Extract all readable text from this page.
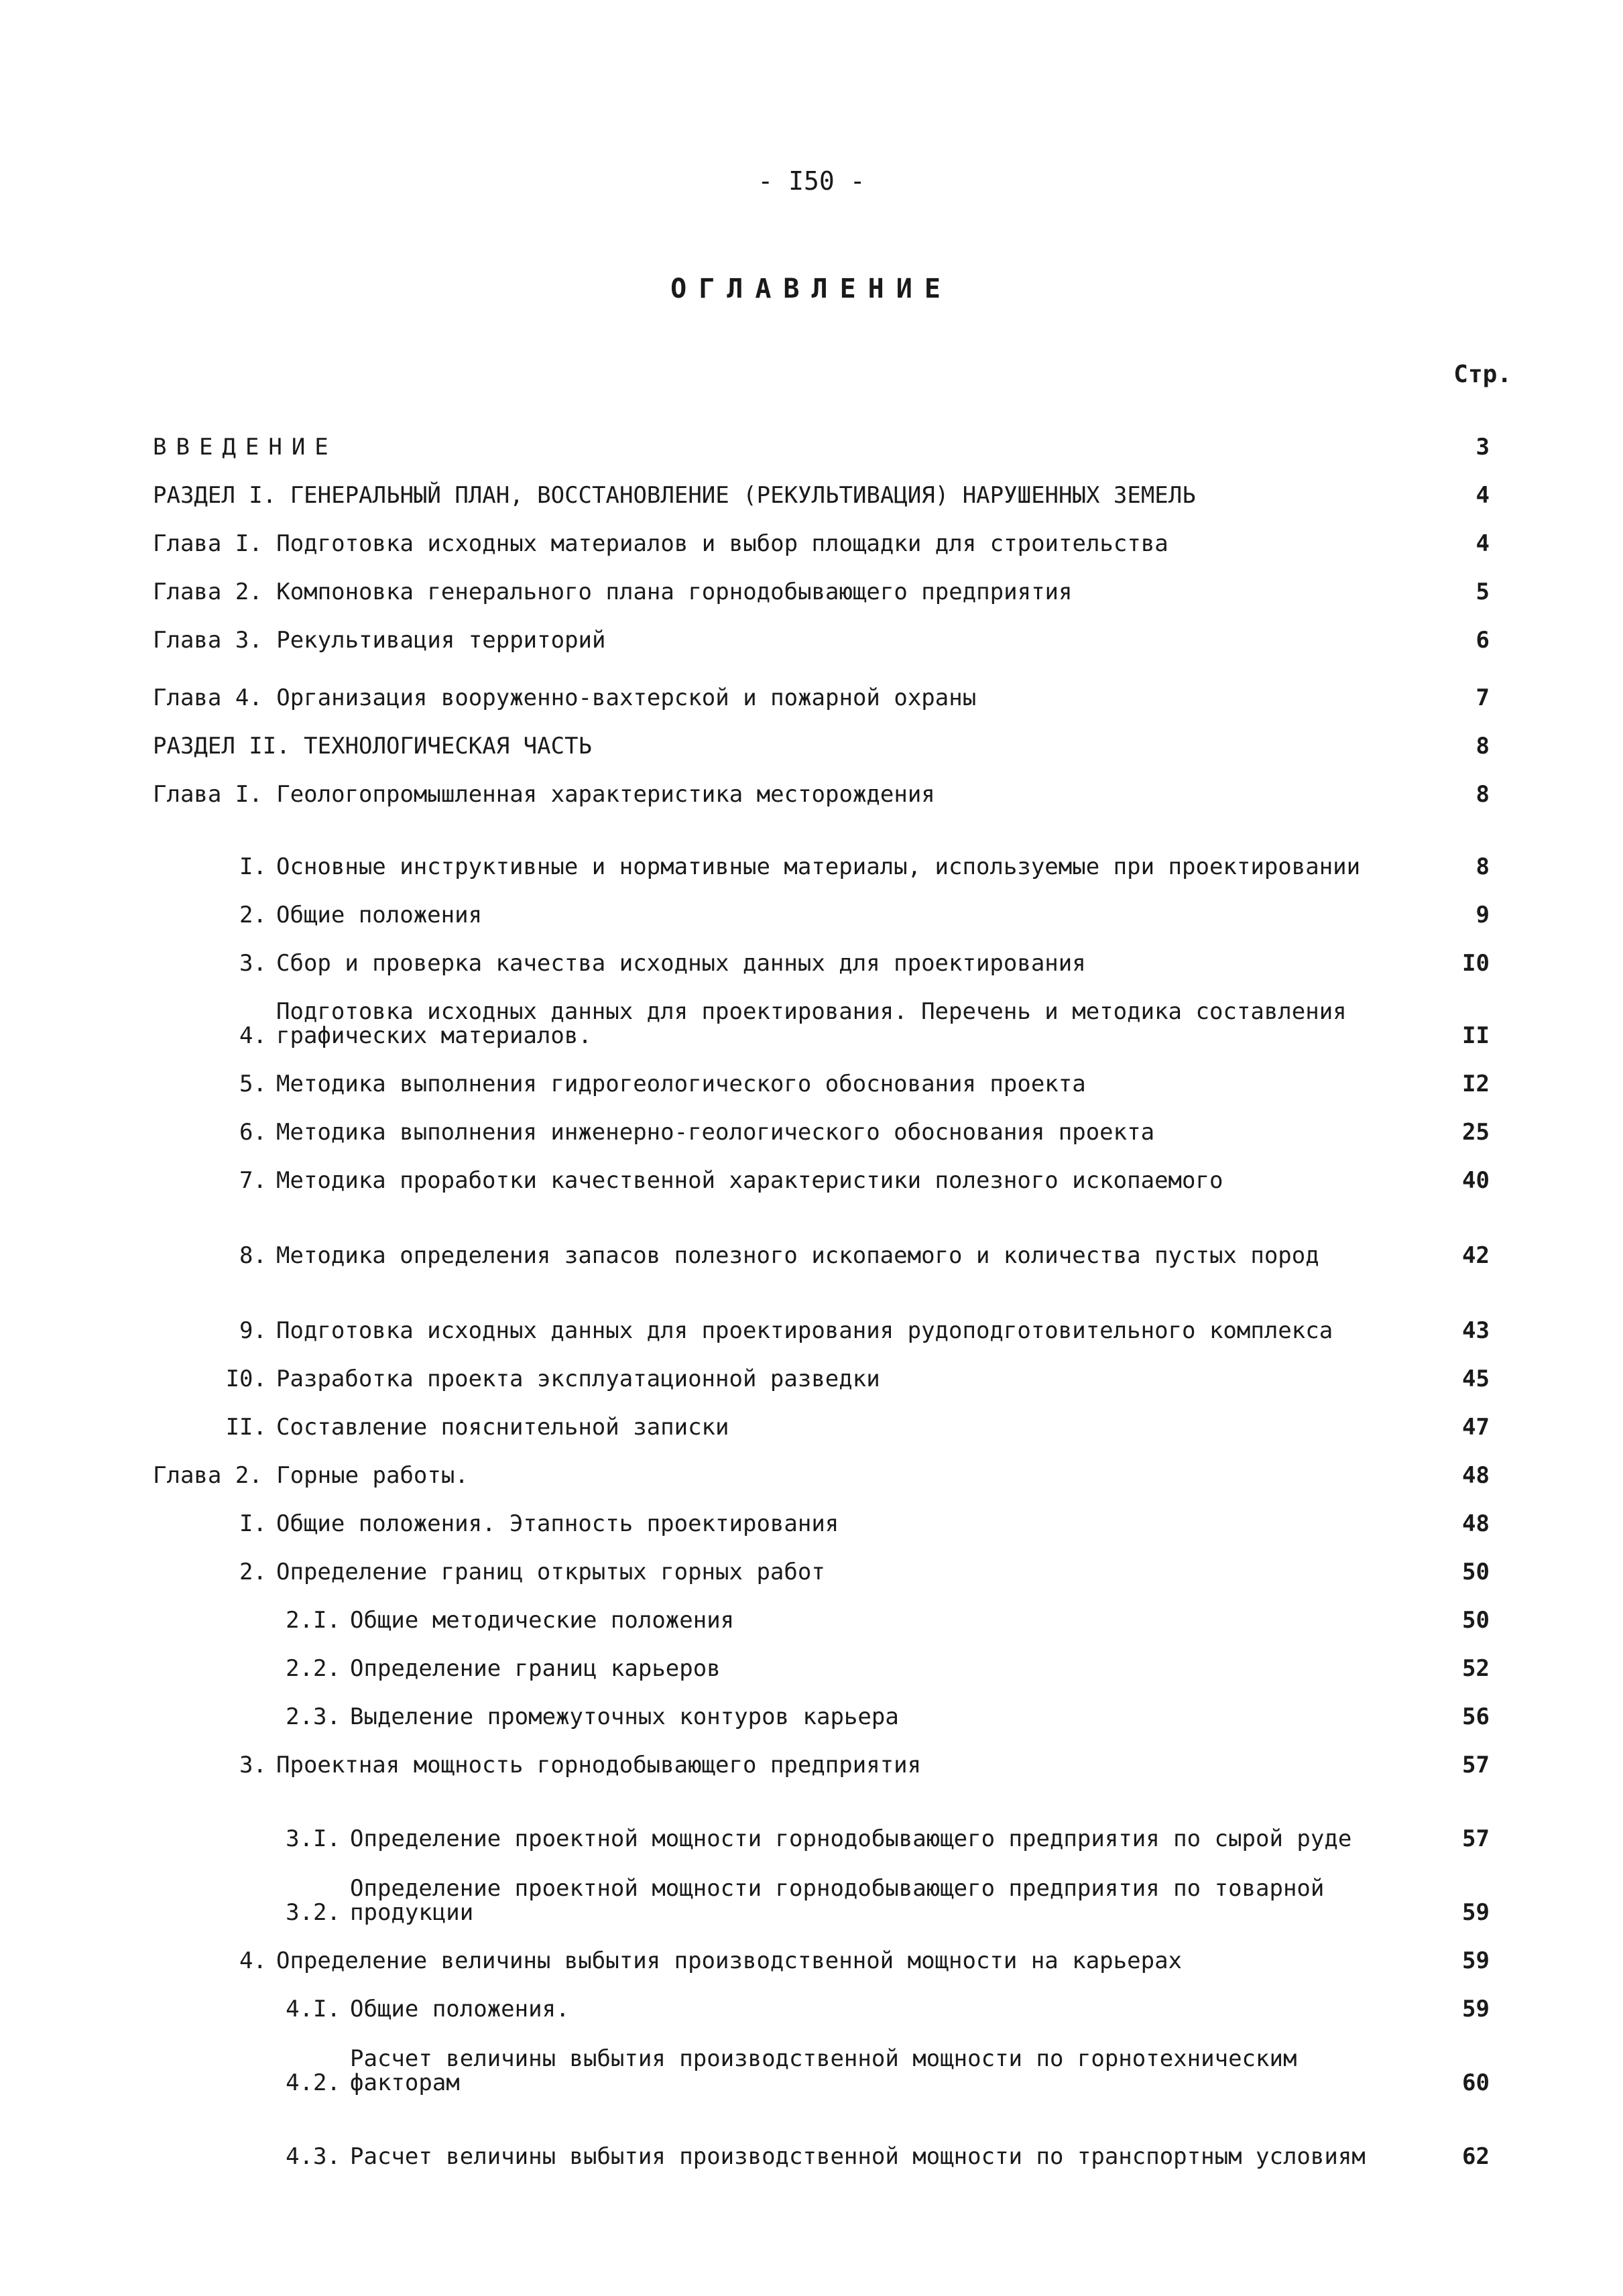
- I50 -
ОГЛАВЛЕНИЕ
Стр.
ВВЕДЕНИЕ	3
РАЗДЕЛ I. ГЕНЕРАЛЬНЫЙ ПЛАН, ВОССТАНОВЛЕНИЕ (РЕКУЛЬТИВАЦИЯ) НАРУШЕННЫХ ЗЕМЕЛЬ	4
Глава I. Подготовка исходных материалов и выбор площадки для строительства	4
Глава 2. Компоновка генерального плана горнодобывающего предприятия	5
Глава 3. Рекультивация территорий	6
Глава 4. Организация вооруженно-вахтерской и пожарной охраны	7
РАЗДЕЛ II. ТЕХНОЛОГИЧЕСКАЯ ЧАСТЬ	8
Глава I. Геологопромышленная характеристика месторождения	8
I. Основные инструктивные и нормативные материалы, используемые при проектировании	8
2. Общие положения	9
3. Сбор и проверка качества исходных данных для проектирования	I0
4.
Подготовка исходных данных для проектирования. Перечень и методика составления графических материалов.	II
5. Методика выполнения гидрогеологического обоснования проекта	I2
6. Методика выполнения инженерно-геологического обоснования проекта	25
7. Методика проработки качественной характеристики полезного ископаемого	40
8. Методика определения запасов полезного ископаемого и количества пустых пород	42
9. Подготовка исходных данных для проектирования рудоподготовительного комплекса	43
I0. Разработка проекта эксплуатационной разведки	45
II. Составление пояснительной записки	47
Глава 2. Горные работы.	48
I. Общие положения. Этапность проектирования	48
2. Определение границ открытых горных работ	50
2.I. Общие методические положения	50
2.2. Определение границ карьеров	52
2.3. Выделение промежуточных контуров карьера	56
3. Проектная мощность горнодобывающего предприятия	57
3.I. Определение проектной мощности горнодобывающего предприятия по сырой руде	57
3.2.
Определение проектной мощности горнодобывающего предприятия по товарной продукции	59
4. Определение величины выбытия производственной мощности на карьерах	59
4.I. Общие положения.	59
4.2.
Расчет величины выбытия производственной мощности по горнотехническим факторам	60
4.3. Расчет величины выбытия производственной мощности по транспортным условиям	62
